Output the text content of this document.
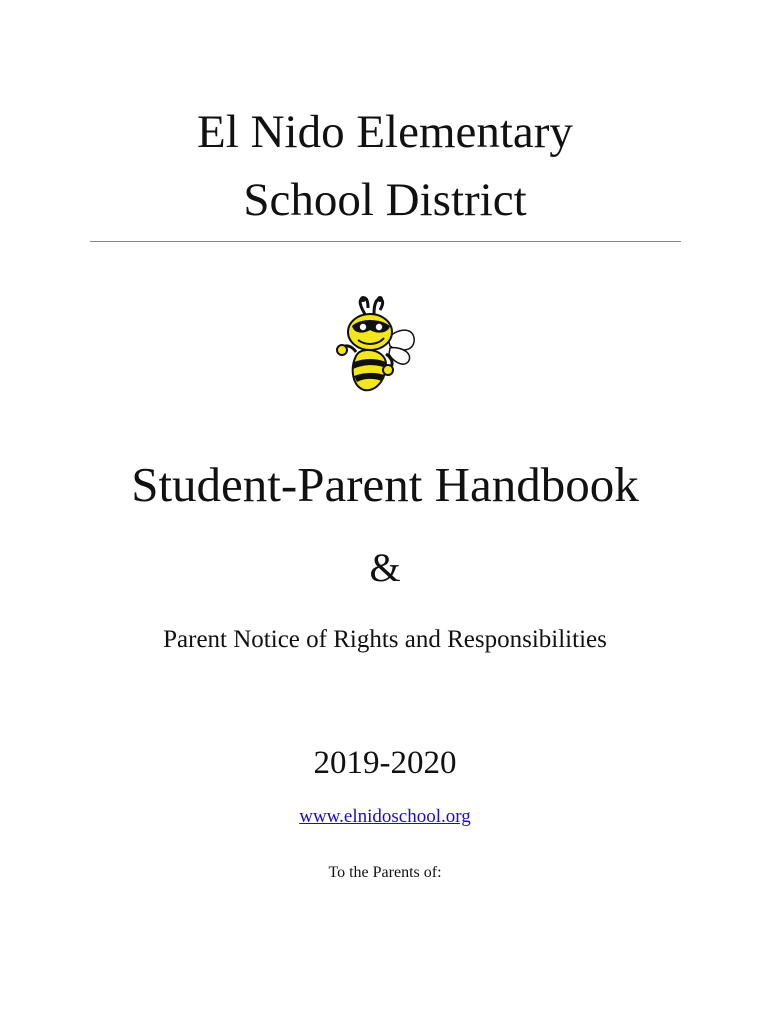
El Nido Elementary
School District
Student-Parent Handbook
&
Parent Notice of Rights and Responsibilities
2019-2020
www.elnidoschool.org
To the Parents of:
